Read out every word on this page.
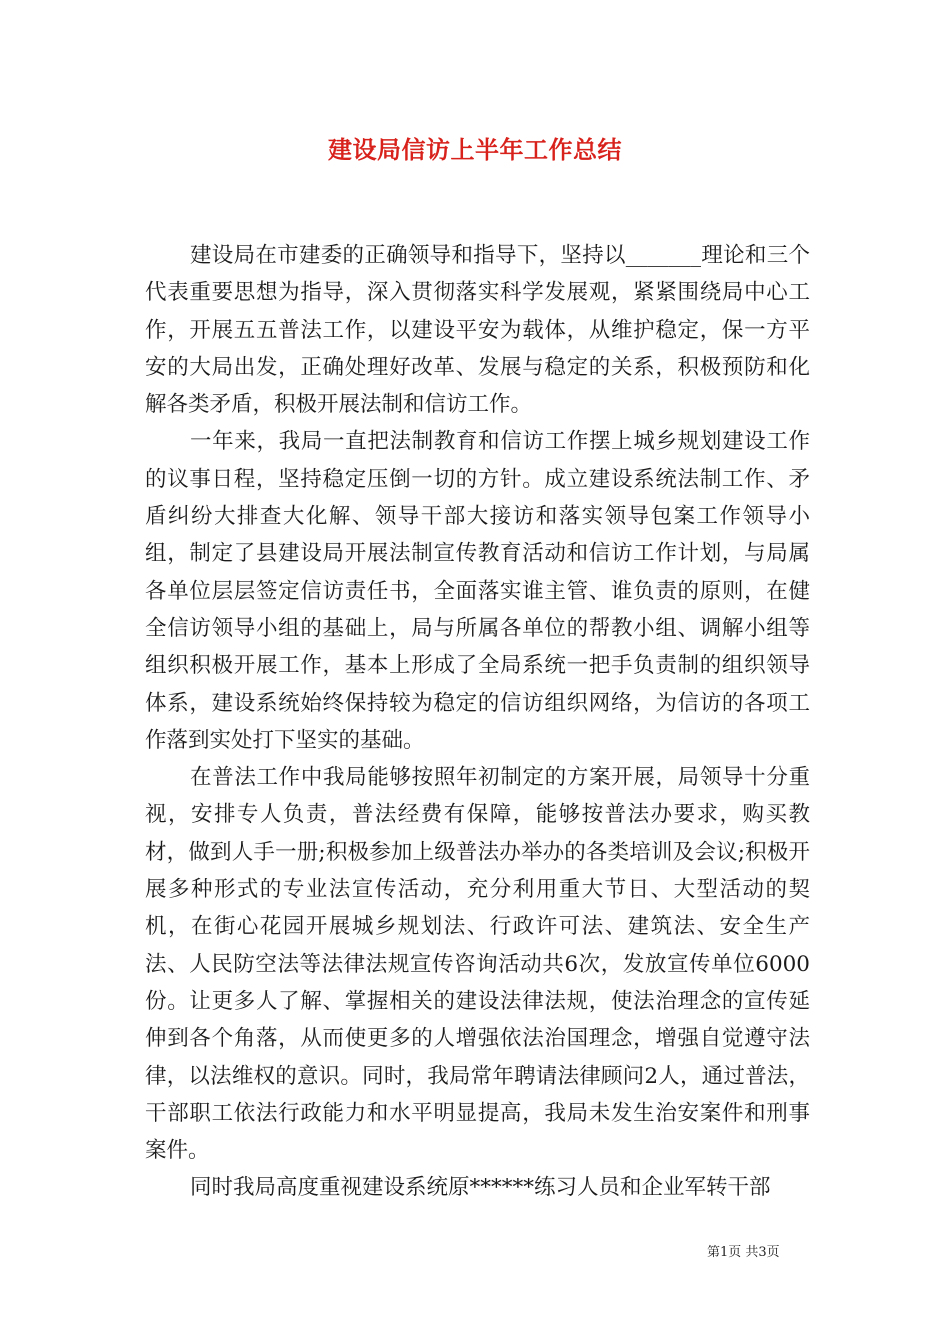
建设局信访上半年工作总结

建设局在市建委的正确领导和指导下，坚持以_______理论和三个代表重要思想为指导，深入贯彻落实科学发展观，紧紧围绕局中心工作，开展五五普法工作，以建设平安为载体，从维护稳定，保一方平安的大局出发，正确处理好改革、发展与稳定的关系，积极预防和化解各类矛盾，积极开展法制和信访工作。

一年来，我局一直把法制教育和信访工作摆上城乡规划建设工作的议事日程，坚持稳定压倒一切的方针。成立建设系统法制工作、矛盾纠纷大排查大化解、领导干部大接访和落实领导包案工作领导小组，制定了县建设局开展法制宣传教育活动和信访工作计划，与局属各单位层层签定信访责任书，全面落实谁主管、谁负责的原则，在健全信访领导小组的基础上，局与所属各单位的帮教小组、调解小组等组织积极开展工作，基本上形成了全局系统一把手负责制的组织领导体系，建设系统始终保持较为稳定的信访组织网络，为信访的各项工作落到实处打下坚实的基础。

在普法工作中我局能够按照年初制定的方案开展，局领导十分重视，安排专人负责，普法经费有保障，能够按普法办要求，购买教材，做到人手一册;积极参加上级普法办举办的各类培训及会议;积极开展多种形式的专业法宣传活动，充分利用重大节日、大型活动的契机，在街心花园开展城乡规划法、行政许可法、建筑法、安全生产法、人民防空法等法律法规宣传咨询活动共6次，发放宣传单位6000份。让更多人了解、掌握相关的建设法律法规，使法治理念的宣传延伸到各个角落，从而使更多的人增强依法治国理念，增强自觉遵守法律，以法维权的意识。同时，我局常年聘请法律顾问2人，通过普法，干部职工依法行政能力和水平明显提高，我局未发生治安案件和刑事案件。

同时我局高度重视建设系统原******练习人员和企业军转干部

第1页 共3页
